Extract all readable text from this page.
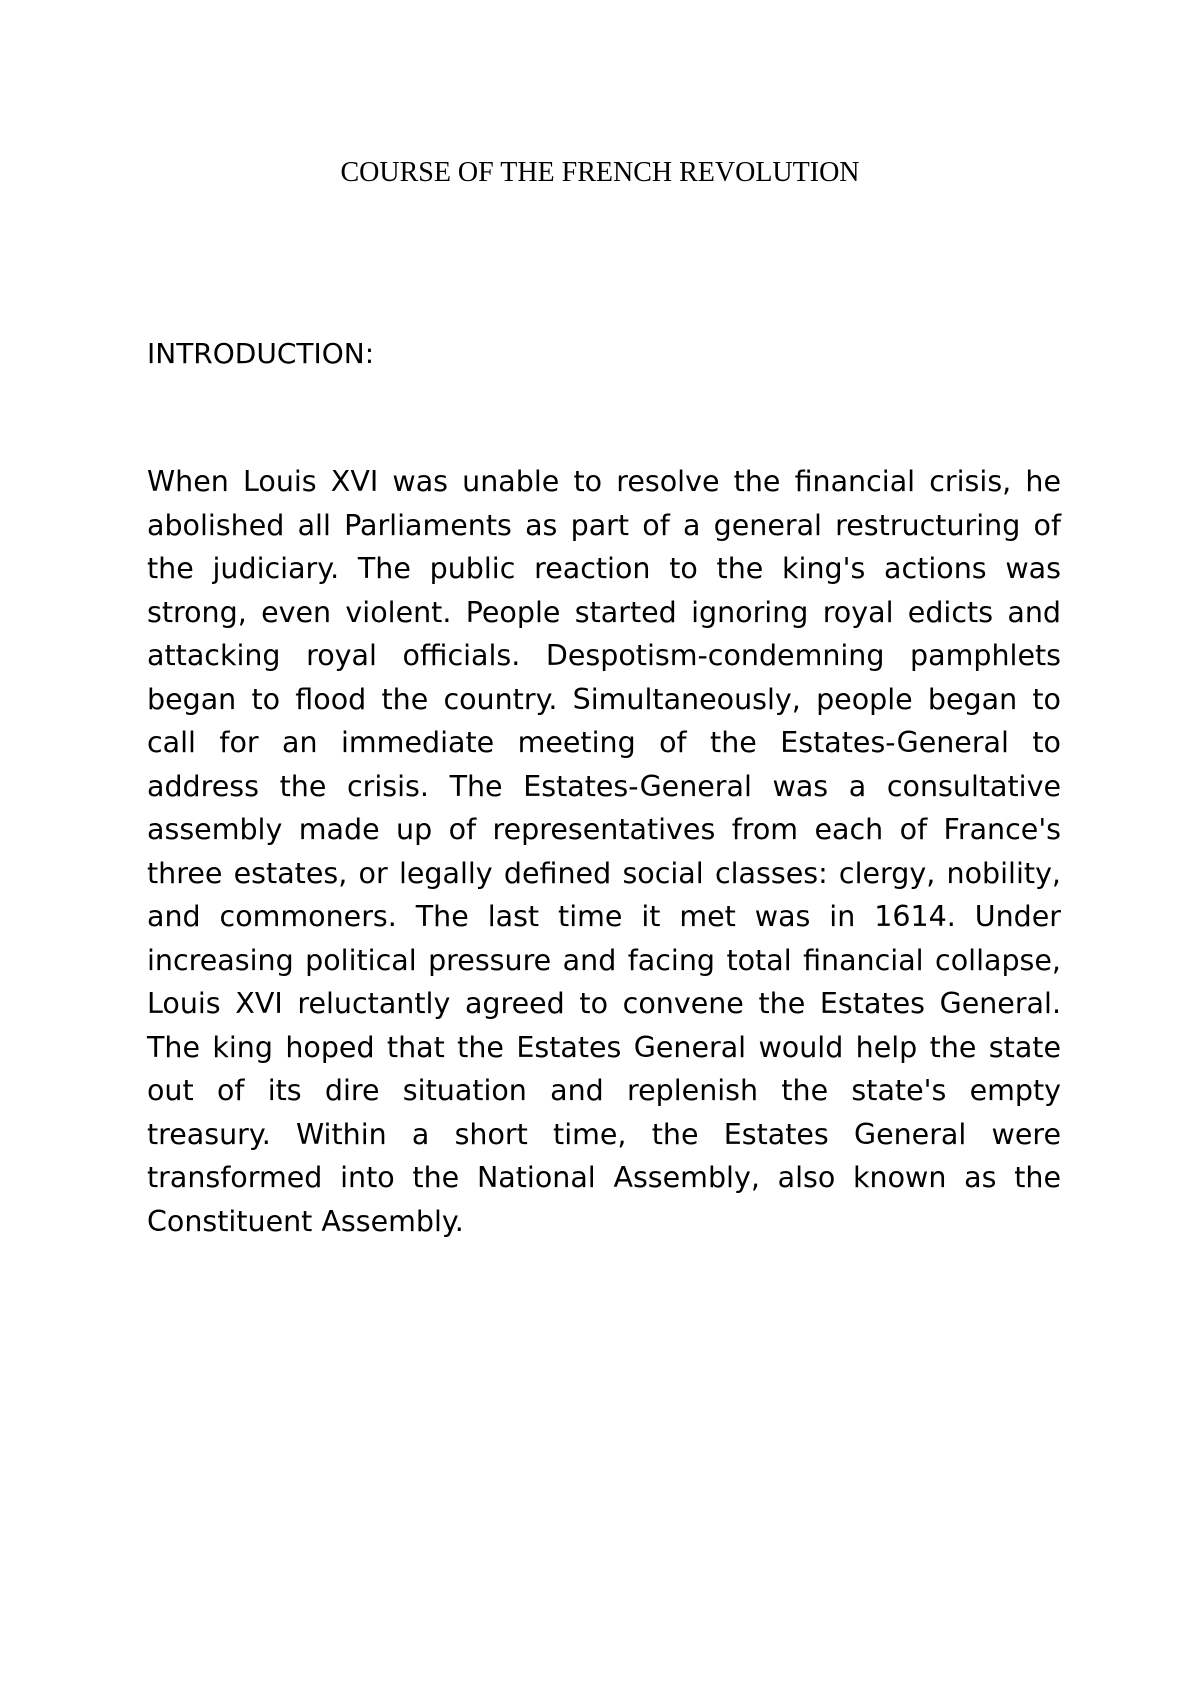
COURSE OF THE FRENCH REVOLUTION
INTRODUCTION:

When Louis XVI was unable to resolve the financial crisis, he abolished all Parliaments as part of a general restructuring of the judiciary. The public reaction to the king's actions was strong, even violent. People started ignoring royal edicts and attacking royal officials. Despotism-condemning pamphlets began to flood the country. Simultaneously, people began to call for an immediate meeting of the Estates-General to address the crisis. The Estates-General was a consultative assembly made up of representatives from each of France's three estates, or legally defined social classes: clergy, nobility, and commoners. The last time it met was in 1614. Under increasing political pressure and facing total financial collapse, Louis XVI reluctantly agreed to convene the Estates General. The king hoped that the Estates General would help the state out of its dire situation and replenish the state's empty treasury. Within a short time, the Estates General were transformed into the National Assembly, also known as the Constituent Assembly.
